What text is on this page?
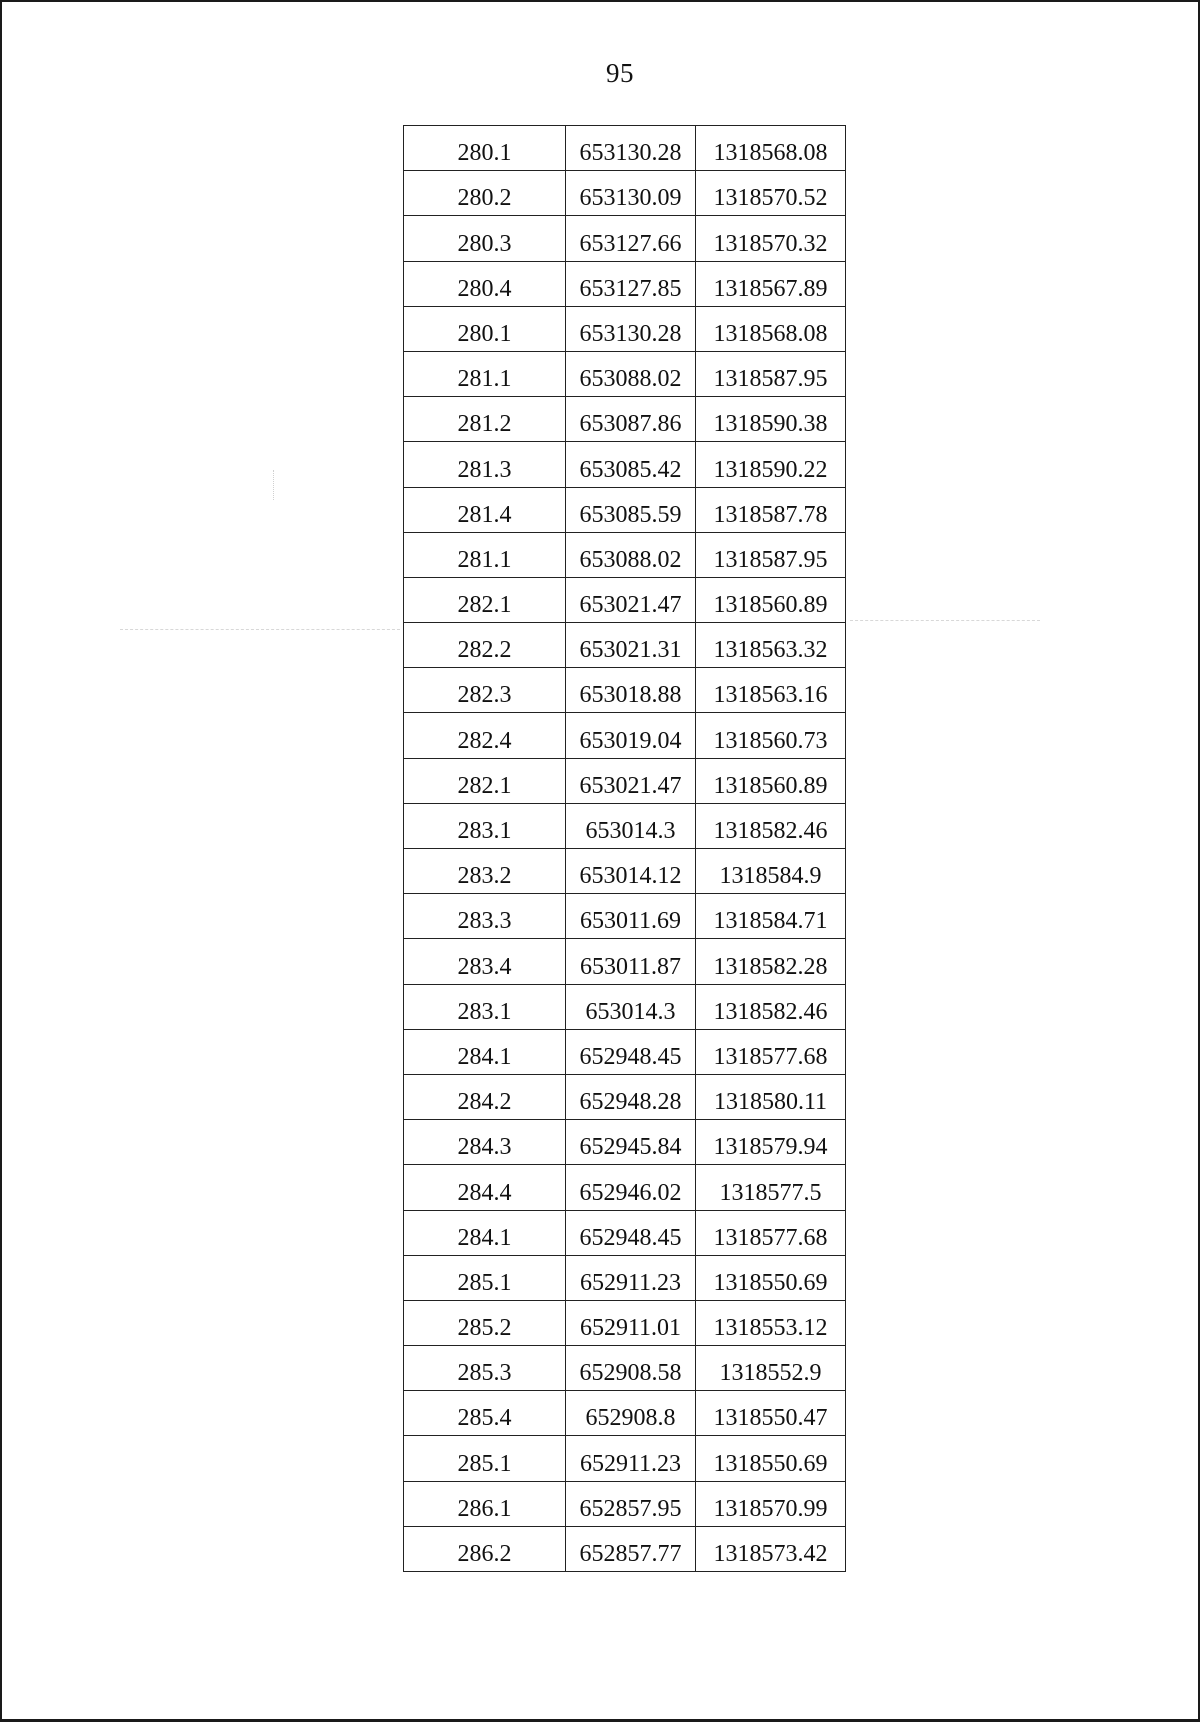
95
280.1	653130.28	1318568.08
280.2	653130.09	1318570.52
280.3	653127.66	1318570.32
280.4	653127.85	1318567.89
280.1	653130.28	1318568.08
281.1	653088.02	1318587.95
281.2	653087.86	1318590.38
281.3	653085.42	1318590.22
281.4	653085.59	1318587.78
281.1	653088.02	1318587.95
282.1	653021.47	1318560.89
282.2	653021.31	1318563.32
282.3	653018.88	1318563.16
282.4	653019.04	1318560.73
282.1	653021.47	1318560.89
283.1	653014.3	1318582.46
283.2	653014.12	1318584.9
283.3	653011.69	1318584.71
283.4	653011.87	1318582.28
283.1	653014.3	1318582.46
284.1	652948.45	1318577.68
284.2	652948.28	1318580.11
284.3	652945.84	1318579.94
284.4	652946.02	1318577.5
284.1	652948.45	1318577.68
285.1	652911.23	1318550.69
285.2	652911.01	1318553.12
285.3	652908.58	1318552.9
285.4	652908.8	1318550.47
285.1	652911.23	1318550.69
286.1	652857.95	1318570.99
286.2	652857.77	1318573.42
